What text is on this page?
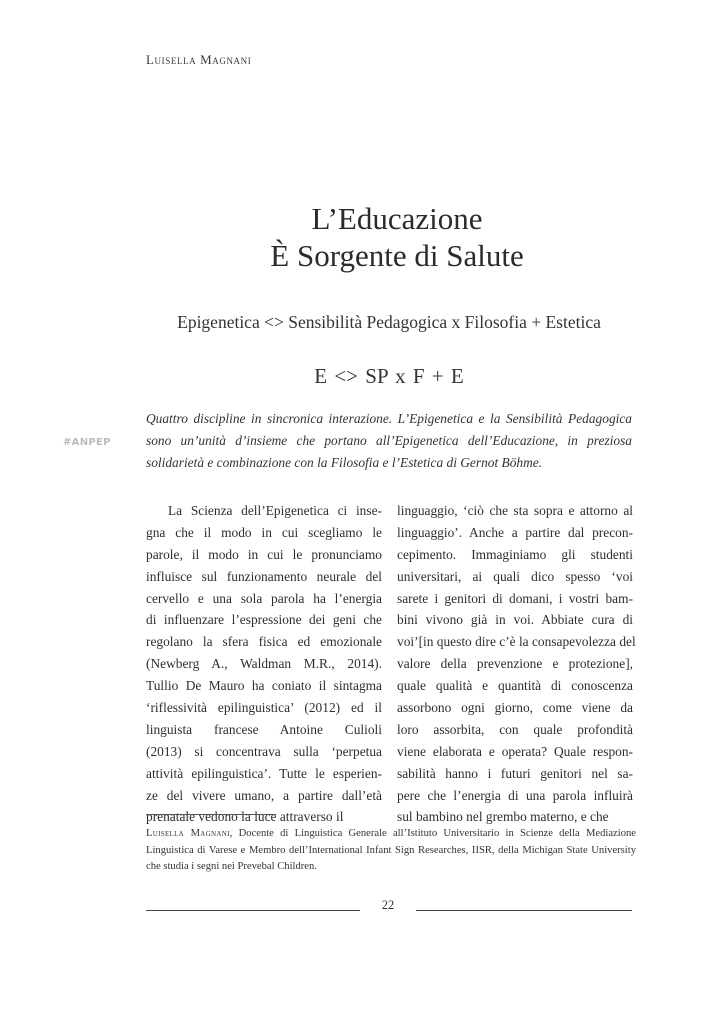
Luisella Magnani
L’Educazione
È Sorgente di Salute
Epigenetica <> Sensibilità Pedagogica x Filosofia + Estetica
E <> SP x F + E
#ANPEP
Quattro discipline in sincronica interazione. L’Epigenetica e la Sensibilità Pedagogica sono un’unità d’insieme che portano all’Epigenetica dell’Educazione, in preziosa solidarietà e combinazione con la Filosofia e l’Estetica di Gernot Böhme.
La Scienza dell’Epigenetica ci inse-
gna che il modo in cui scegliamo le
parole, il modo in cui le pronunciamo
influisce sul funzionamento neurale del
cervello e una sola parola ha l’energia
di influenzare l’espressione dei geni che
regolano la sfera fisica ed emozionale
(Newberg A., Waldman M.R., 2014).
Tullio De Mauro ha coniato il sintagma
‘riflessività epilinguistica’ (2012) ed il
linguista francese Antoine Culioli
(2013) si concentrava sulla ‘perpetua
attività epilinguistica’. Tutte le esperien-
ze del vivere umano, a partire dall’età
prenatale vedono la luce attraverso il
linguaggio, ‘ciò che sta sopra e attorno al
linguaggio’. Anche a partire dal precon-
cepimento. Immaginiamo gli studenti
universitari, ai quali dico spesso ‘voi
sarete i genitori di domani, i vostri bam-
bini vivono già in voi. Abbiate cura di
voi’[in questo dire c’è la consapevolezza del
valore della prevenzione e protezione],
quale qualità e quantità di conoscenza
assorbono ogni giorno, come viene da
loro assorbita, con quale profondità
viene elaborata e operata? Quale respon-
sabilità hanno i futuri genitori nel sa-
pere che l’energia di una parola influirà
sul bambino nel grembo materno, e che
Luisella Magnani, Docente di Linguistica Generale all’Istituto Universitario in Scienze della Mediazione Linguistica di Varese e Membro dell’International Infant Sign Researches, IISR, della Michigan State University che studia i segni nei Prevebal Children.
22
